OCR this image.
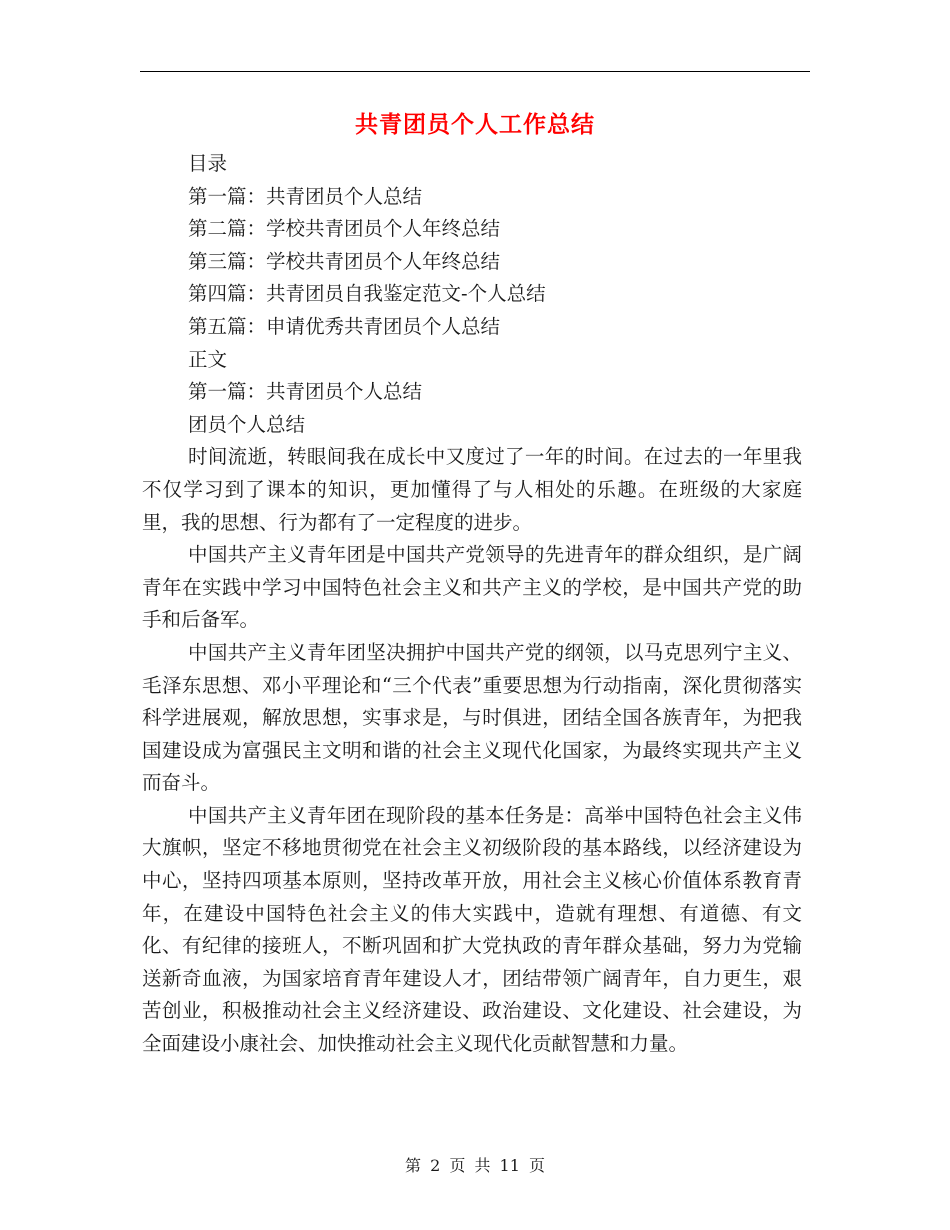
共青团员个人工作总结

目录

第一篇：共青团员个人总结

第二篇：学校共青团员个人年终总结

第三篇：学校共青团员个人年终总结

第四篇：共青团员自我鉴定范文-个人总结

第五篇：申请优秀共青团员个人总结

正文

第一篇：共青团员个人总结

团员个人总结

时间流逝，转眼间我在成长中又度过了一年的时间。在过去的一年里我不仅学习到了课本的知识，更加懂得了与人相处的乐趣。在班级的大家庭里，我的思想、行为都有了一定程度的进步。

中国共产主义青年团是中国共产党领导的先进青年的群众组织，是广阔青年在实践中学习中国特色社会主义和共产主义的学校，是中国共产党的助手和后备军。

中国共产主义青年团坚决拥护中国共产党的纲领，以马克思列宁主义、毛泽东思想、邓小平理论和“三个代表”重要思想为行动指南，深化贯彻落实科学进展观，解放思想，实事求是，与时俱进，团结全国各族青年，为把我国建设成为富强民主文明和谐的社会主义现代化国家，为最终实现共产主义而奋斗。

中国共产主义青年团在现阶段的基本任务是：高举中国特色社会主义伟大旗帜，坚定不移地贯彻党在社会主义初级阶段的基本路线，以经济建设为中心，坚持四项基本原则，坚持改革开放，用社会主义核心价值体系教育青年，在建设中国特色社会主义的伟大实践中，造就有理想、有道德、有文化、有纪律的接班人，不断巩固和扩大党执政的青年群众基础，努力为党输送新奇血液，为国家培育青年建设人才，团结带领广阔青年，自力更生，艰苦创业，积极推动社会主义经济建设、政治建设、文化建设、社会建设，为全面建设小康社会、加快推动社会主义现代化贡献智慧和力量。

第 2 页 共 11 页
